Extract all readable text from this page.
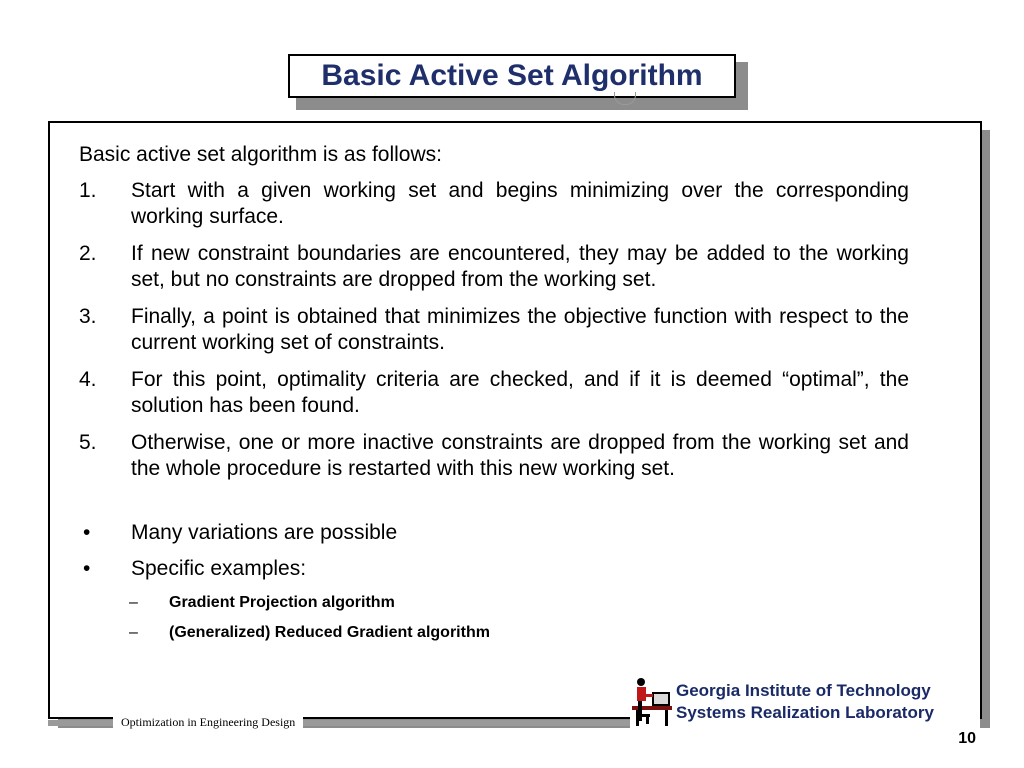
Basic Active Set Algorithm

Basic active set algorithm is as follows:

1. Start with a given working set and begins minimizing over the corresponding working surface.
2. If new constraint boundaries are encountered, they may be added to the working set, but no constraints are dropped from the working set.
3. Finally, a point is obtained that minimizes the objective function with respect to the current working set of constraints.
4. For this point, optimality criteria are checked, and if it is deemed “optimal”, the solution has been found.
5. Otherwise, one or more inactive constraints are dropped from the working set and the whole procedure is restarted with this new working set.
• Many variations are possible
• Specific examples:
– Gradient Projection algorithm
– (Generalized) Reduced Gradient algorithm
Optimization in Engineering Design
Georgia Institute of Technology
Systems Realization Laboratory
10
